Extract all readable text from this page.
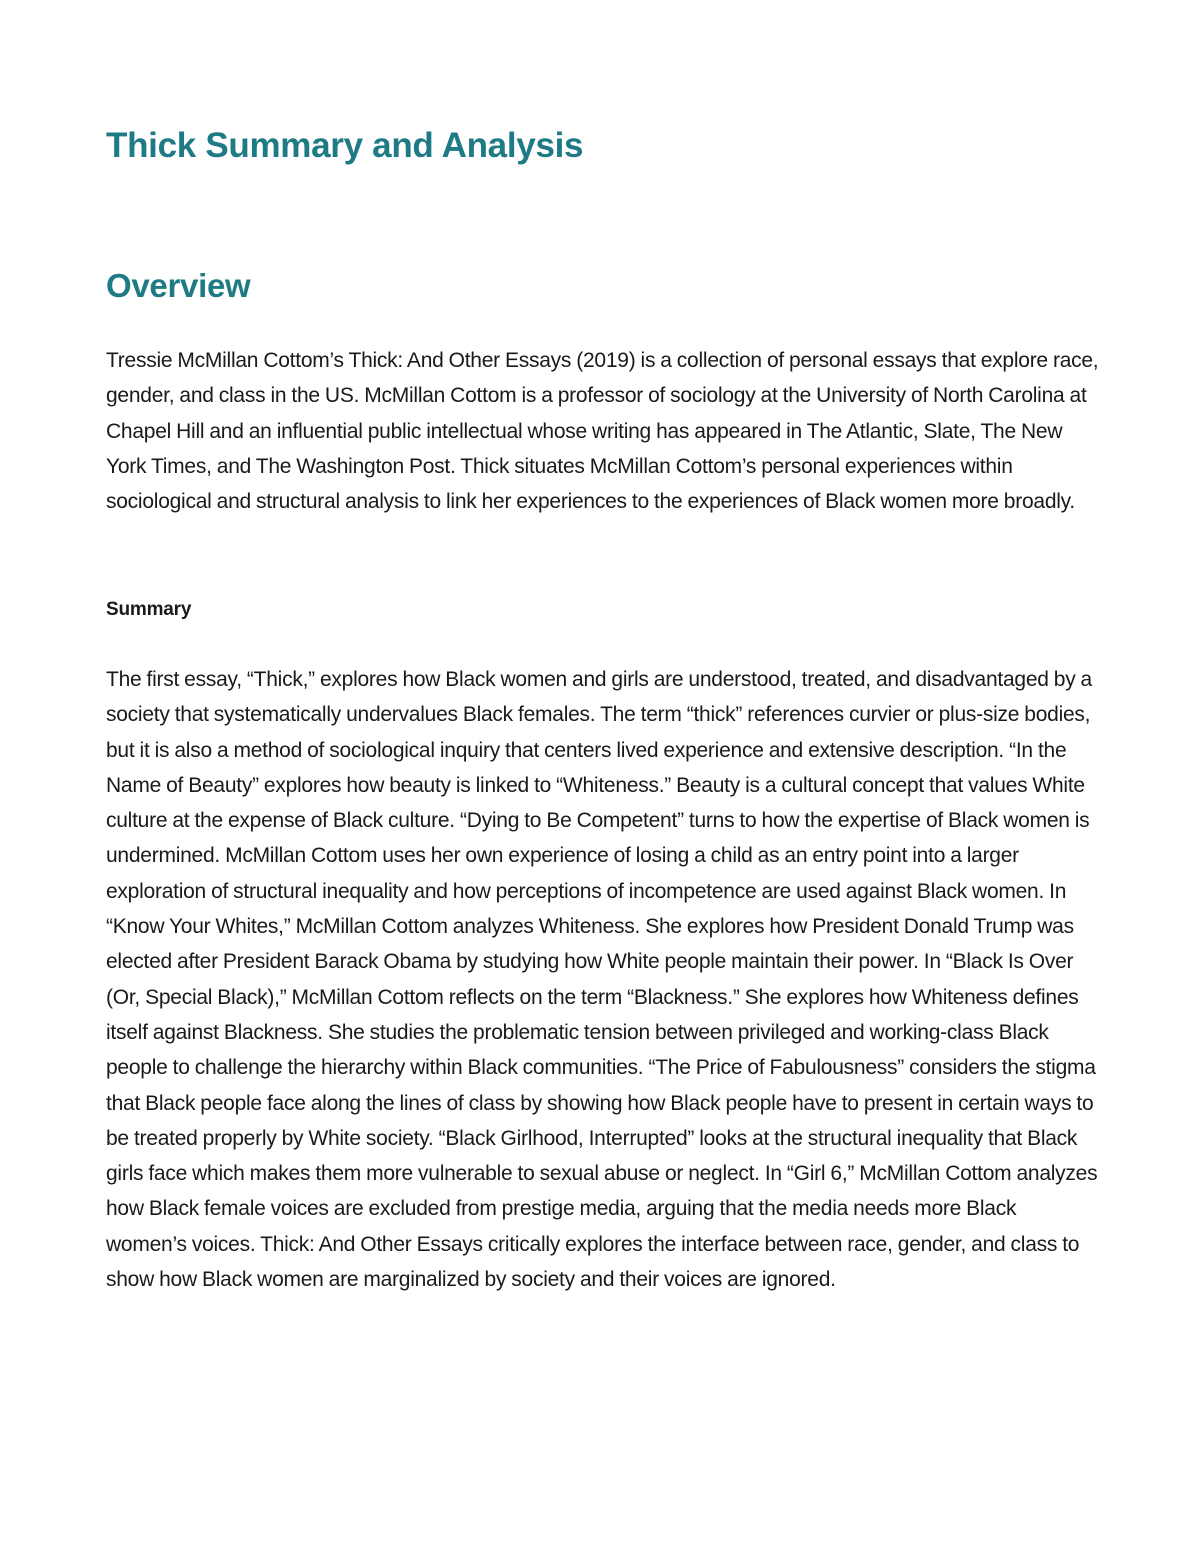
Thick Summary and Analysis
Overview

Tressie McMillan Cottom’s Thick: And Other Essays (2019) is a collection of personal essays that explore race, gender, and class in the US. McMillan Cottom is a professor of sociology at the University of North Carolina at Chapel Hill and an influential public intellectual whose writing has appeared in The Atlantic, Slate, The New York Times, and The Washington Post. Thick situates McMillan Cottom’s personal experiences within sociological and structural analysis to link her experiences to the experiences of Black women more broadly.

Summary

The first essay, “Thick,” explores how Black women and girls are understood, treated, and disadvantaged by a society that systematically undervalues Black females. The term “thick” references curvier or plus-size bodies, but it is also a method of sociological inquiry that centers lived experience and extensive description. “In the Name of Beauty” explores how beauty is linked to “Whiteness.” Beauty is a cultural concept that values White culture at the expense of Black culture. “Dying to Be Competent” turns to how the expertise of Black women is undermined. McMillan Cottom uses her own experience of losing a child as an entry point into a larger exploration of structural inequality and how perceptions of incompetence are used against Black women. In “Know Your Whites,” McMillan Cottom analyzes Whiteness. She explores how President Donald Trump was elected after President Barack Obama by studying how White people maintain their power. In “Black Is Over (Or, Special Black),” McMillan Cottom reflects on the term “Blackness.” She explores how Whiteness defines itself against Blackness. She studies the problematic tension between privileged and working-class Black people to challenge the hierarchy within Black communities. “The Price of Fabulousness” considers the stigma that Black people face along the lines of class by showing how Black people have to present in certain ways to be treated properly by White society. “Black Girlhood, Interrupted” looks at the structural inequality that Black girls face which makes them more vulnerable to sexual abuse or neglect. In “Girl 6,” McMillan Cottom analyzes how Black female voices are excluded from prestige media, arguing that the media needs more Black women’s voices. Thick: And Other Essays critically explores the interface between race, gender, and class to show how Black women are marginalized by society and their voices are ignored.
